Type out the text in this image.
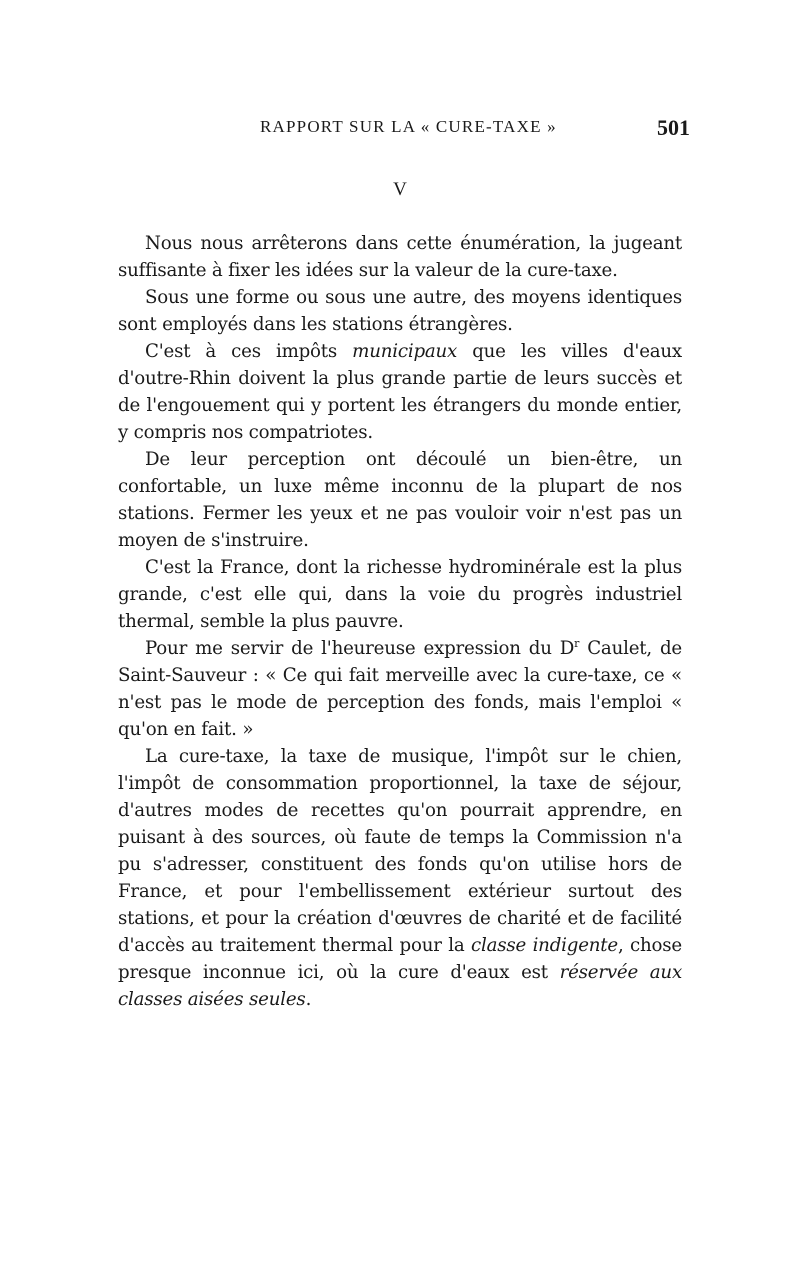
RAPPORT SUR LA « CURE-TAXE »	501
V

Nous nous arrêterons dans cette énumération, la jugeant suffisante à fixer les idées sur la valeur de la cure-taxe.

Sous une forme ou sous une autre, des moyens identiques sont employés dans les stations étrangères.

C'est à ces impôts municipaux que les villes d'eaux d'outre-Rhin doivent la plus grande partie de leurs succès et de l'engouement qui y portent les étrangers du monde entier, y compris nos compatriotes.

De leur perception ont découlé un bien-être, un confortable, un luxe même inconnu de la plupart de nos stations. Fermer les yeux et ne pas vouloir voir n'est pas un moyen de s'instruire.

C'est la France, dont la richesse hydrominérale est la plus grande, c'est elle qui, dans la voie du progrès industriel thermal, semble la plus pauvre.

Pour me servir de l'heureuse expression du $D^r$ Caulet, de Saint-Sauveur : « Ce qui fait merveille avec la cure-taxe, ce « n'est pas le mode de perception des fonds, mais l'emploi « qu'on en fait. »

La cure-taxe, la taxe de musique, l'impôt sur le chien, l'impôt de consommation proportionnel, la taxe de séjour, d'autres modes de recettes qu'on pourrait apprendre, en puisant à des sources, où faute de temps la Commission n'a pu s'adresser, constituent des fonds qu'on utilise hors de France, et pour l'embellissement extérieur surtout des stations, et pour la création d'œuvres de charité et de facilité d'accès au traitement thermal pour la classe indigente, chose presque inconnue ici, où la cure d'eaux est réservée aux classes aisées seules.
